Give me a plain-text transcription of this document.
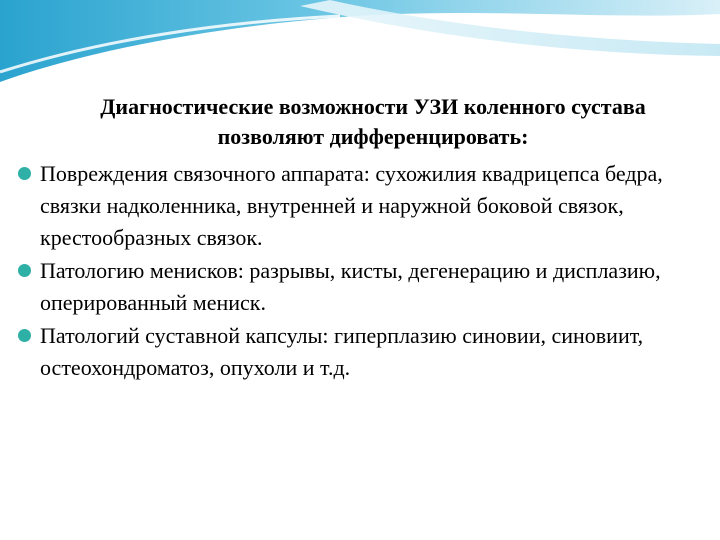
Диагностические возможности УЗИ коленного сустава
позволяют дифференцировать:
Повреждения связочного аппарата: сухожилия квадрицепса бедра, связки надколенника, внутренней и наружной боковой связок, крестообразных связок.
Патологию менисков: разрывы, кисты, дегенерацию и дисплазию, оперированный мениск.
Патологий суставной капсулы: гиперплазию синовии, синовиит, остеохондроматоз, опухоли и т.д.
